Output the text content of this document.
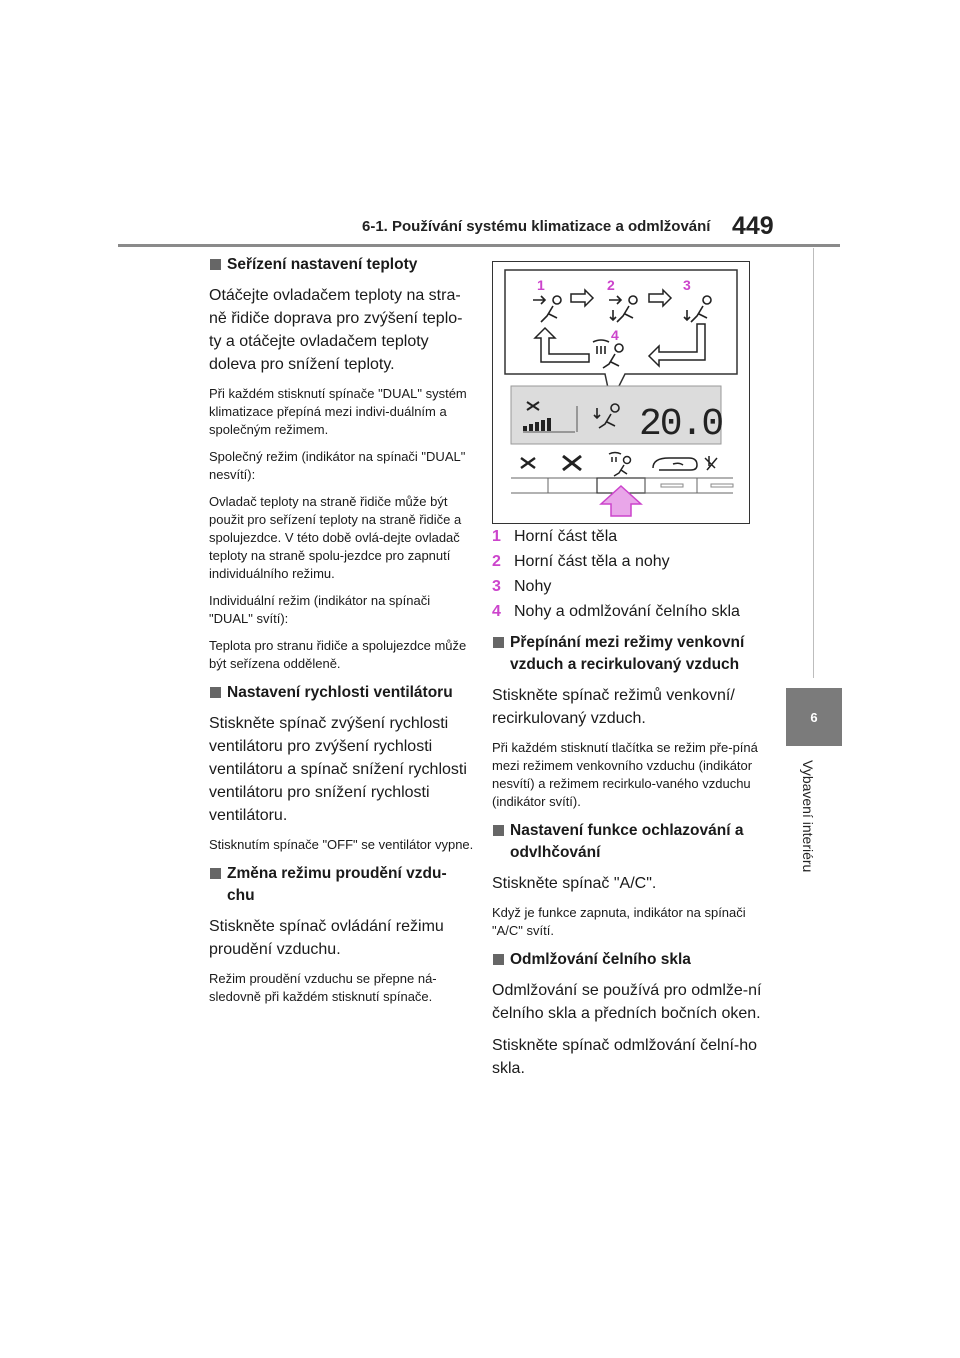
6-1. Používání systému klimatizace a odmlžování 449
6
Vybavení interiéru
Seřízení nastavení teploty

Otáčejte ovladačem teploty na stra-ně řidiče doprava pro zvýšení teplo-ty a otáčejte ovladačem teploty doleva pro snížení teploty.

Při každém stisknutí spínače "DUAL" systém klimatizace přepíná mezi indivi-duálním a společným režimem.

Společný režim (indikátor na spínači "DUAL" nesvítí):

Ovladač teploty na straně řidiče může být použit pro seřízení teploty na straně řidiče a spolujezdce. V této době ovlá-dejte ovladač teploty na straně spolu-jezdce pro zapnutí individuálního režimu.

Individuální režim (indikátor na spínači "DUAL" svítí):

Teplota pro stranu řidiče a spolujezdce může být seřízena odděleně.

Nastavení rychlosti ventilátoru

Stiskněte spínač zvýšení rychlosti ventilátoru pro zvýšení rychlosti ventilátoru a spínač snížení rychlosti ventilátoru pro snížení rychlosti ventilátoru.

Stisknutím spínače "OFF" se ventilátor vypne.

Změna režimu proudění vzdu-chu

Stiskněte spínač ovládání režimu proudění vzduchu.

Režim proudění vzduchu se přepne ná-sledovně při každém stisknutí spínače.

1	2	3
4
20.0
1 Horní část těla
2 Horní část těla a nohy
3 Nohy
4 Nohy a odmlžování čelního skla
Přepínání mezi režimy venkovní vzduch a recirkulovaný vzduch

Stiskněte spínač režimů venkovní/ recirkulovaný vzduch.

Při každém stisknutí tlačítka se režim pře-píná mezi režimem venkovního vzduchu (indikátor nesvítí) a režimem recirkulo-vaného vzduchu (indikátor svítí).

Nastavení funkce ochlazování a odvlhčování

Stiskněte spínač "A/C".

Když je funkce zapnuta, indikátor na spínači "A/C" svítí.

Odmlžování čelního skla

Odmlžování se používá pro odmlže-ní čelního skla a předních bočních oken.

Stiskněte spínač odmlžování čelní-ho skla.
